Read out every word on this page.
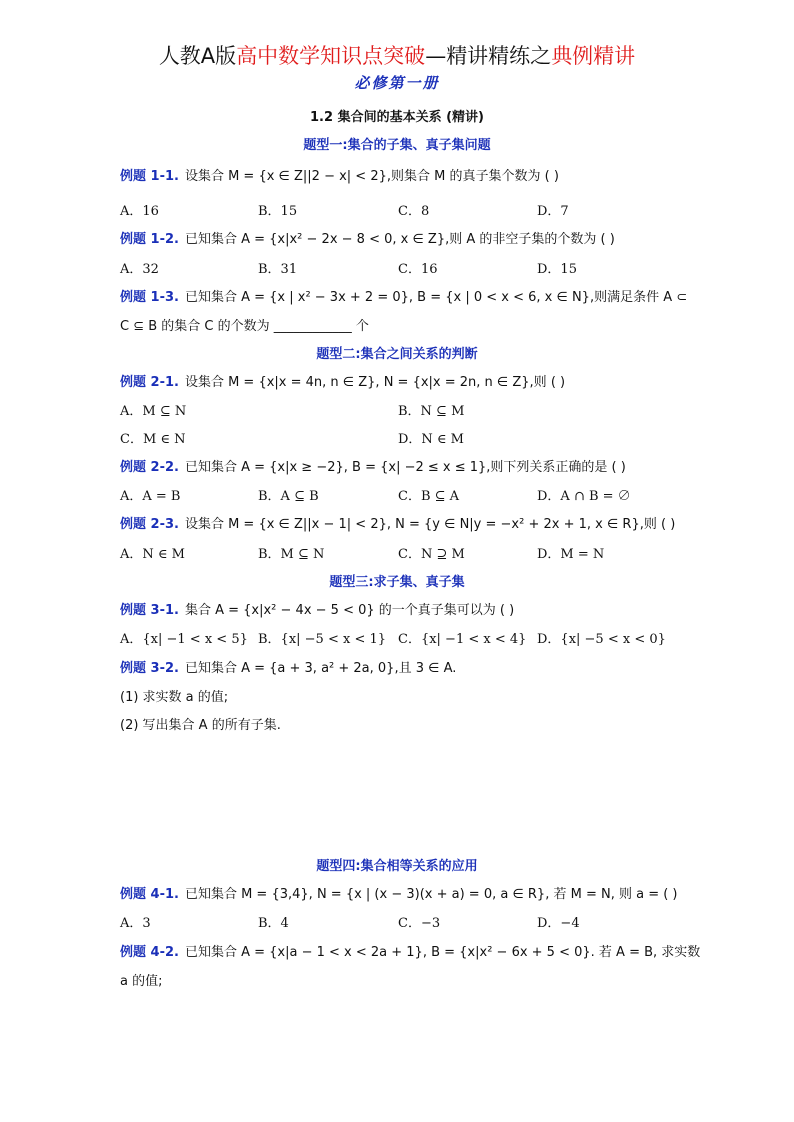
人教A版高中数学知识点突破—精讲精练之典例精讲
必修第一册
1.2 集合间的基本关系 (精讲)
题型一:集合的子集、真子集问题
例题 1-1. 设集合 M = {x ∈ Z||2 − x| < 2},则集合 M 的真子集个数为 ( )
A．16	B．15	C．8	D．7
例题 1-2. 已知集合 A = {x|x² − 2x − 8 < 0, x ∈ Z},则 A 的非空子集的个数为 ( )
A．32	B．31	C．16	D．15
例题 1-3. 已知集合 A = {x | x² − 3x + 2 = 0}, B = {x | 0 < x < 6, x ∈ N},则满足条件 A ⊂
C ⊆ B 的集合 C 的个数为 ____________ 个
题型二:集合之间关系的判断
例题 2-1. 设集合 M = {x|x = 4n, n ∈ Z}, N = {x|x = 2n, n ∈ Z},则 ( )
A．M ⊆ N	B．N ⊆ M
C．M ∈ N	D．N ∈ M
例题 2-2. 已知集合 A = {x|x ≥ −2}, B = {x| −2 ≤ x ≤ 1},则下列关系正确的是 ( )
A．A = B	B．A ⊆ B	C．B ⊆ A	D．A ∩ B = ∅
例题 2-3. 设集合 M = {x ∈ Z||x − 1| < 2}, N = {y ∈ N|y = −x² + 2x + 1, x ∈ R},则 ( )
A．N ∈ M	B．M ⊆ N	C．N ⊇ M	D．M = N
题型三:求子集、真子集
例题 3-1. 集合 A = {x|x² − 4x − 5 < 0} 的一个真子集可以为 ( )
A．{x| −1 < x < 5} B．{x| −5 < x < 1} C．{x| −1 < x < 4} D．{x| −5 < x < 0}
例题 3-2. 已知集合 A = {a + 3, a² + 2a, 0},且 3 ∈ A.
(1) 求实数 a 的值;
(2) 写出集合 A 的所有子集.
题型四:集合相等关系的应用
例题 4-1. 已知集合 M = {3,4}, N = {x | (x − 3)(x + a) = 0, a ∈ R}, 若 M = N, 则 a = ( )
A．3	B．4	C．−3	D．−4
例题 4-2. 已知集合 A = {x|a − 1 < x < 2a + 1}, B = {x|x² − 6x + 5 < 0}. 若 A = B, 求实数
a 的值;
